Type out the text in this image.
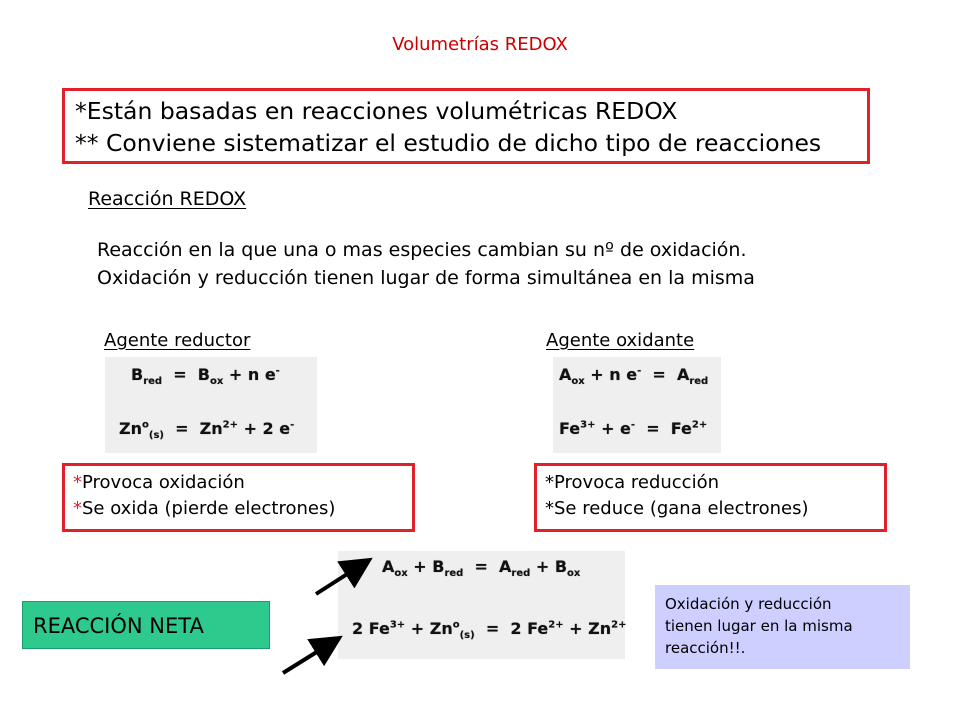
Volumetrías REDOX
*Están basadas en reacciones volumétricas REDOX
** Conviene sistematizar el estudio de dicho tipo de reacciones
Reacción REDOX
Reacción en la que una o mas especies cambian su nº de oxidación.
Oxidación y reducción tienen lugar de forma simultánea en la misma
Agente reductor	Agente oxidante
$B_{red} = B_{ox} + n$ e-
$Zn^o_{(s)} = Zn^{2+} + 2$ e-
$A_{ox} + n$ $e^- = A_{red}$
$Fe^{3+} + e^- = Fe^{2+}$
*Provoca oxidación
*Se oxida (pierde electrones)
*Provoca reducción
*Se reduce (gana electrones)
$A_{ox} + B_{red} = A_{red} + B_{ox}$
2 $Fe^{3+} + Zn^o_{(s)} = 2$ $Fe^{2+} + Zn^{2+}$
REACCIÓN NETA
Oxidación y reducción
tienen lugar en la misma
reacción!!.
